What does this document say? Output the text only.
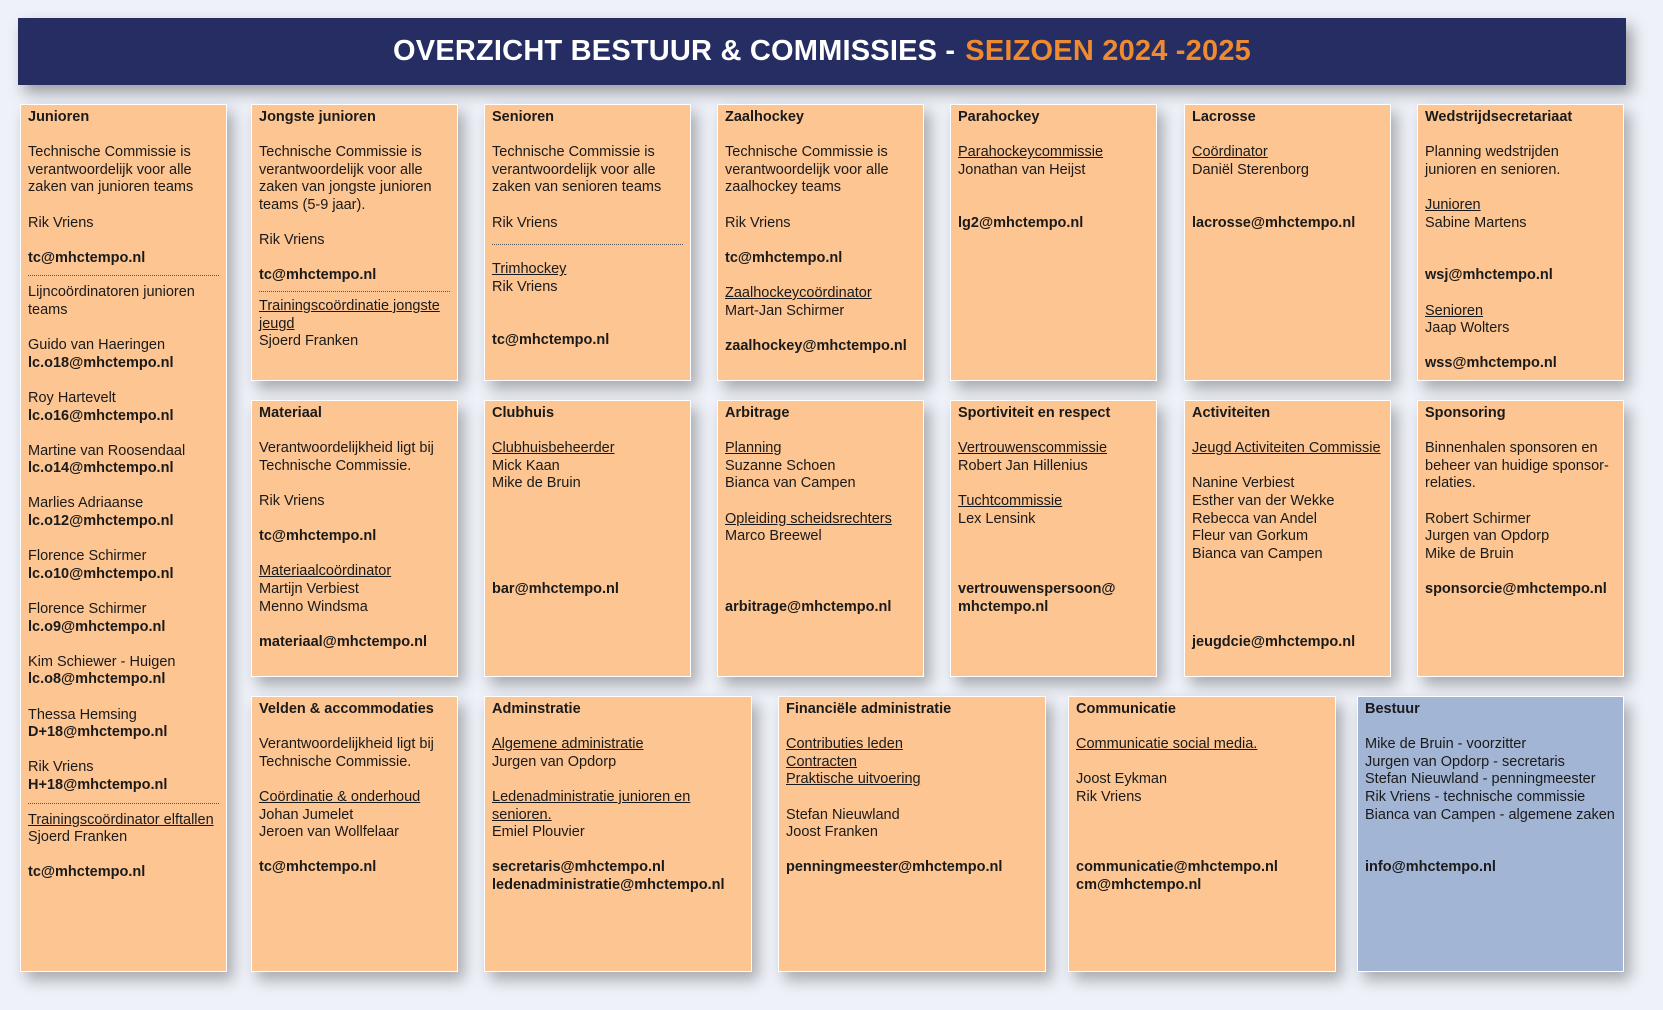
OVERZICHT BESTUUR & COMMISSIES - SEIZOEN 2024 -2025
Junioren
Technische Commissie is
verantwoordelijk voor alle
zaken van junioren teams
Rik Vriens
tc@mhctempo.nl
Lijncoördinatoren junioren
teams
Guido van Haeringen
lc.o18@mhctempo.nl
Roy Hartevelt
lc.o16@mhctempo.nl
Martine van Roosendaal
lc.o14@mhctempo.nl
Marlies Adriaanse
lc.o12@mhctempo.nl
Florence Schirmer
lc.o10@mhctempo.nl
Florence Schirmer
lc.o9@mhctempo.nl
Kim Schiewer - Huigen
lc.o8@mhctempo.nl
Thessa Hemsing
D+18@mhctempo.nl
Rik Vriens
H+18@mhctempo.nl
Trainingscoördinator elftallen
Sjoerd Franken
tc@mhctempo.nl
Jongste junioren
Technische Commissie is
verantwoordelijk voor alle
zaken van jongste junioren
teams (5-9 jaar).
Rik Vriens
tc@mhctempo.nl
Trainingscoördinatie jongste
jeugd
Sjoerd Franken
Senioren
Technische Commissie is
verantwoordelijk voor alle
zaken van senioren teams
Rik Vriens
Trimhockey
Rik Vriens
tc@mhctempo.nl
Zaalhockey
Technische Commissie is
verantwoordelijk voor alle
zaalhockey teams
Rik Vriens
tc@mhctempo.nl
Zaalhockeycoördinator
Mart-Jan Schirmer
zaalhockey@mhctempo.nl
Parahockey
Parahockeycommissie
Jonathan van Heijst
lg2@mhctempo.nl
Lacrosse
Coördinator
Daniël Sterenborg
lacrosse@mhctempo.nl
Wedstrijdsecretariaat
Planning wedstrijden
junioren en senioren.
Junioren
Sabine Martens
wsj@mhctempo.nl
Senioren
Jaap Wolters
wss@mhctempo.nl
Materiaal
Verantwoordelijkheid ligt bij
Technische Commissie.
Rik Vriens
tc@mhctempo.nl
Materiaalcoördinator
Martijn Verbiest
Menno Windsma
materiaal@mhctempo.nl
Clubhuis
Clubhuisbeheerder
Mick Kaan
Mike de Bruin
bar@mhctempo.nl
Arbitrage
Planning
Suzanne Schoen
Bianca van Campen
Opleiding scheidsrechters
Marco Breewel
arbitrage@mhctempo.nl
Sportiviteit en respect
Vertrouwenscommissie
Robert Jan Hillenius
Tuchtcommissie
Lex Lensink
vertrouwenspersoon@
mhctempo.nl
Activiteiten
Jeugd Activiteiten Commissie
Nanine Verbiest
Esther van der Wekke
Rebecca van Andel
Fleur van Gorkum
Bianca van Campen
jeugdcie@mhctempo.nl
Sponsoring
Binnenhalen sponsoren en
beheer van huidige sponsor-
relaties.
Robert Schirmer
Jurgen van Opdorp
Mike de Bruin
sponsorcie@mhctempo.nl
Velden & accommodaties
Verantwoordelijkheid ligt bij
Technische Commissie.
Coördinatie & onderhoud
Johan Jumelet
Jeroen van Wollfelaar
tc@mhctempo.nl
Adminstratie
Algemene administratie
Jurgen van Opdorp
Ledenadministratie junioren en
senioren.
Emiel Plouvier
secretaris@mhctempo.nl
ledenadministratie@mhctempo.nl
Financiële administratie
Contributies leden
Contracten
Praktische uitvoering
Stefan Nieuwland
Joost Franken
penningmeester@mhctempo.nl
Communicatie
Communicatie social media.
Joost Eykman
Rik Vriens
communicatie@mhctempo.nl
cm@mhctempo.nl
Bestuur
Mike de Bruin - voorzitter
Jurgen van Opdorp - secretaris
Stefan Nieuwland - penningmeester
Rik Vriens - technische commissie
Bianca van Campen - algemene zaken
info@mhctempo.nl
